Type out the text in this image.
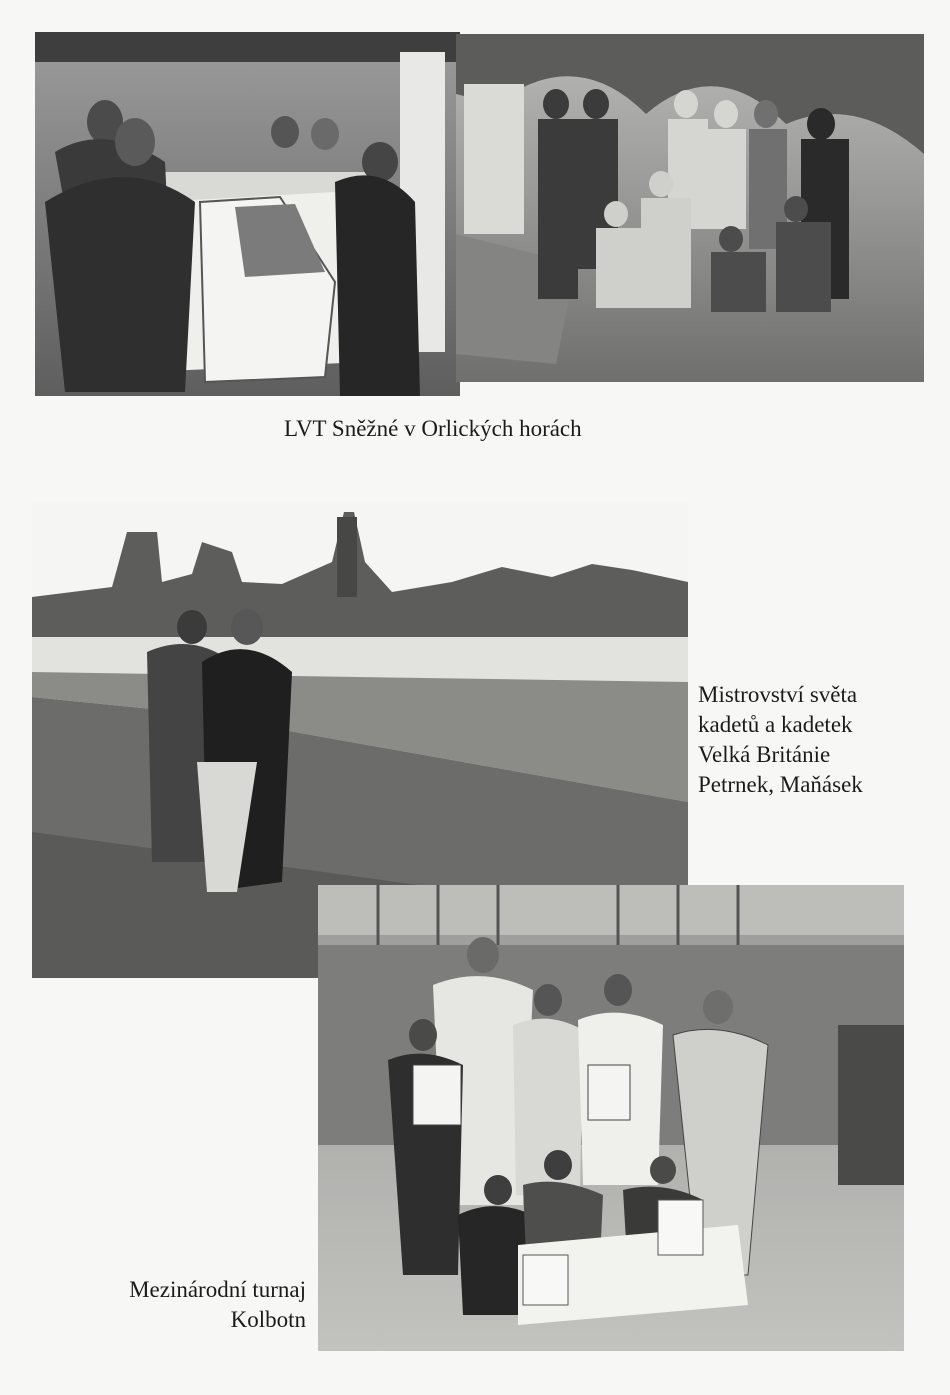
LVT Sněžné v Orlických horách
Mistrovství světa
kadetů a kadetek
Velká Británie
Petrnek, Maňásek
Mezinárodní turnaj
Kolbotn
